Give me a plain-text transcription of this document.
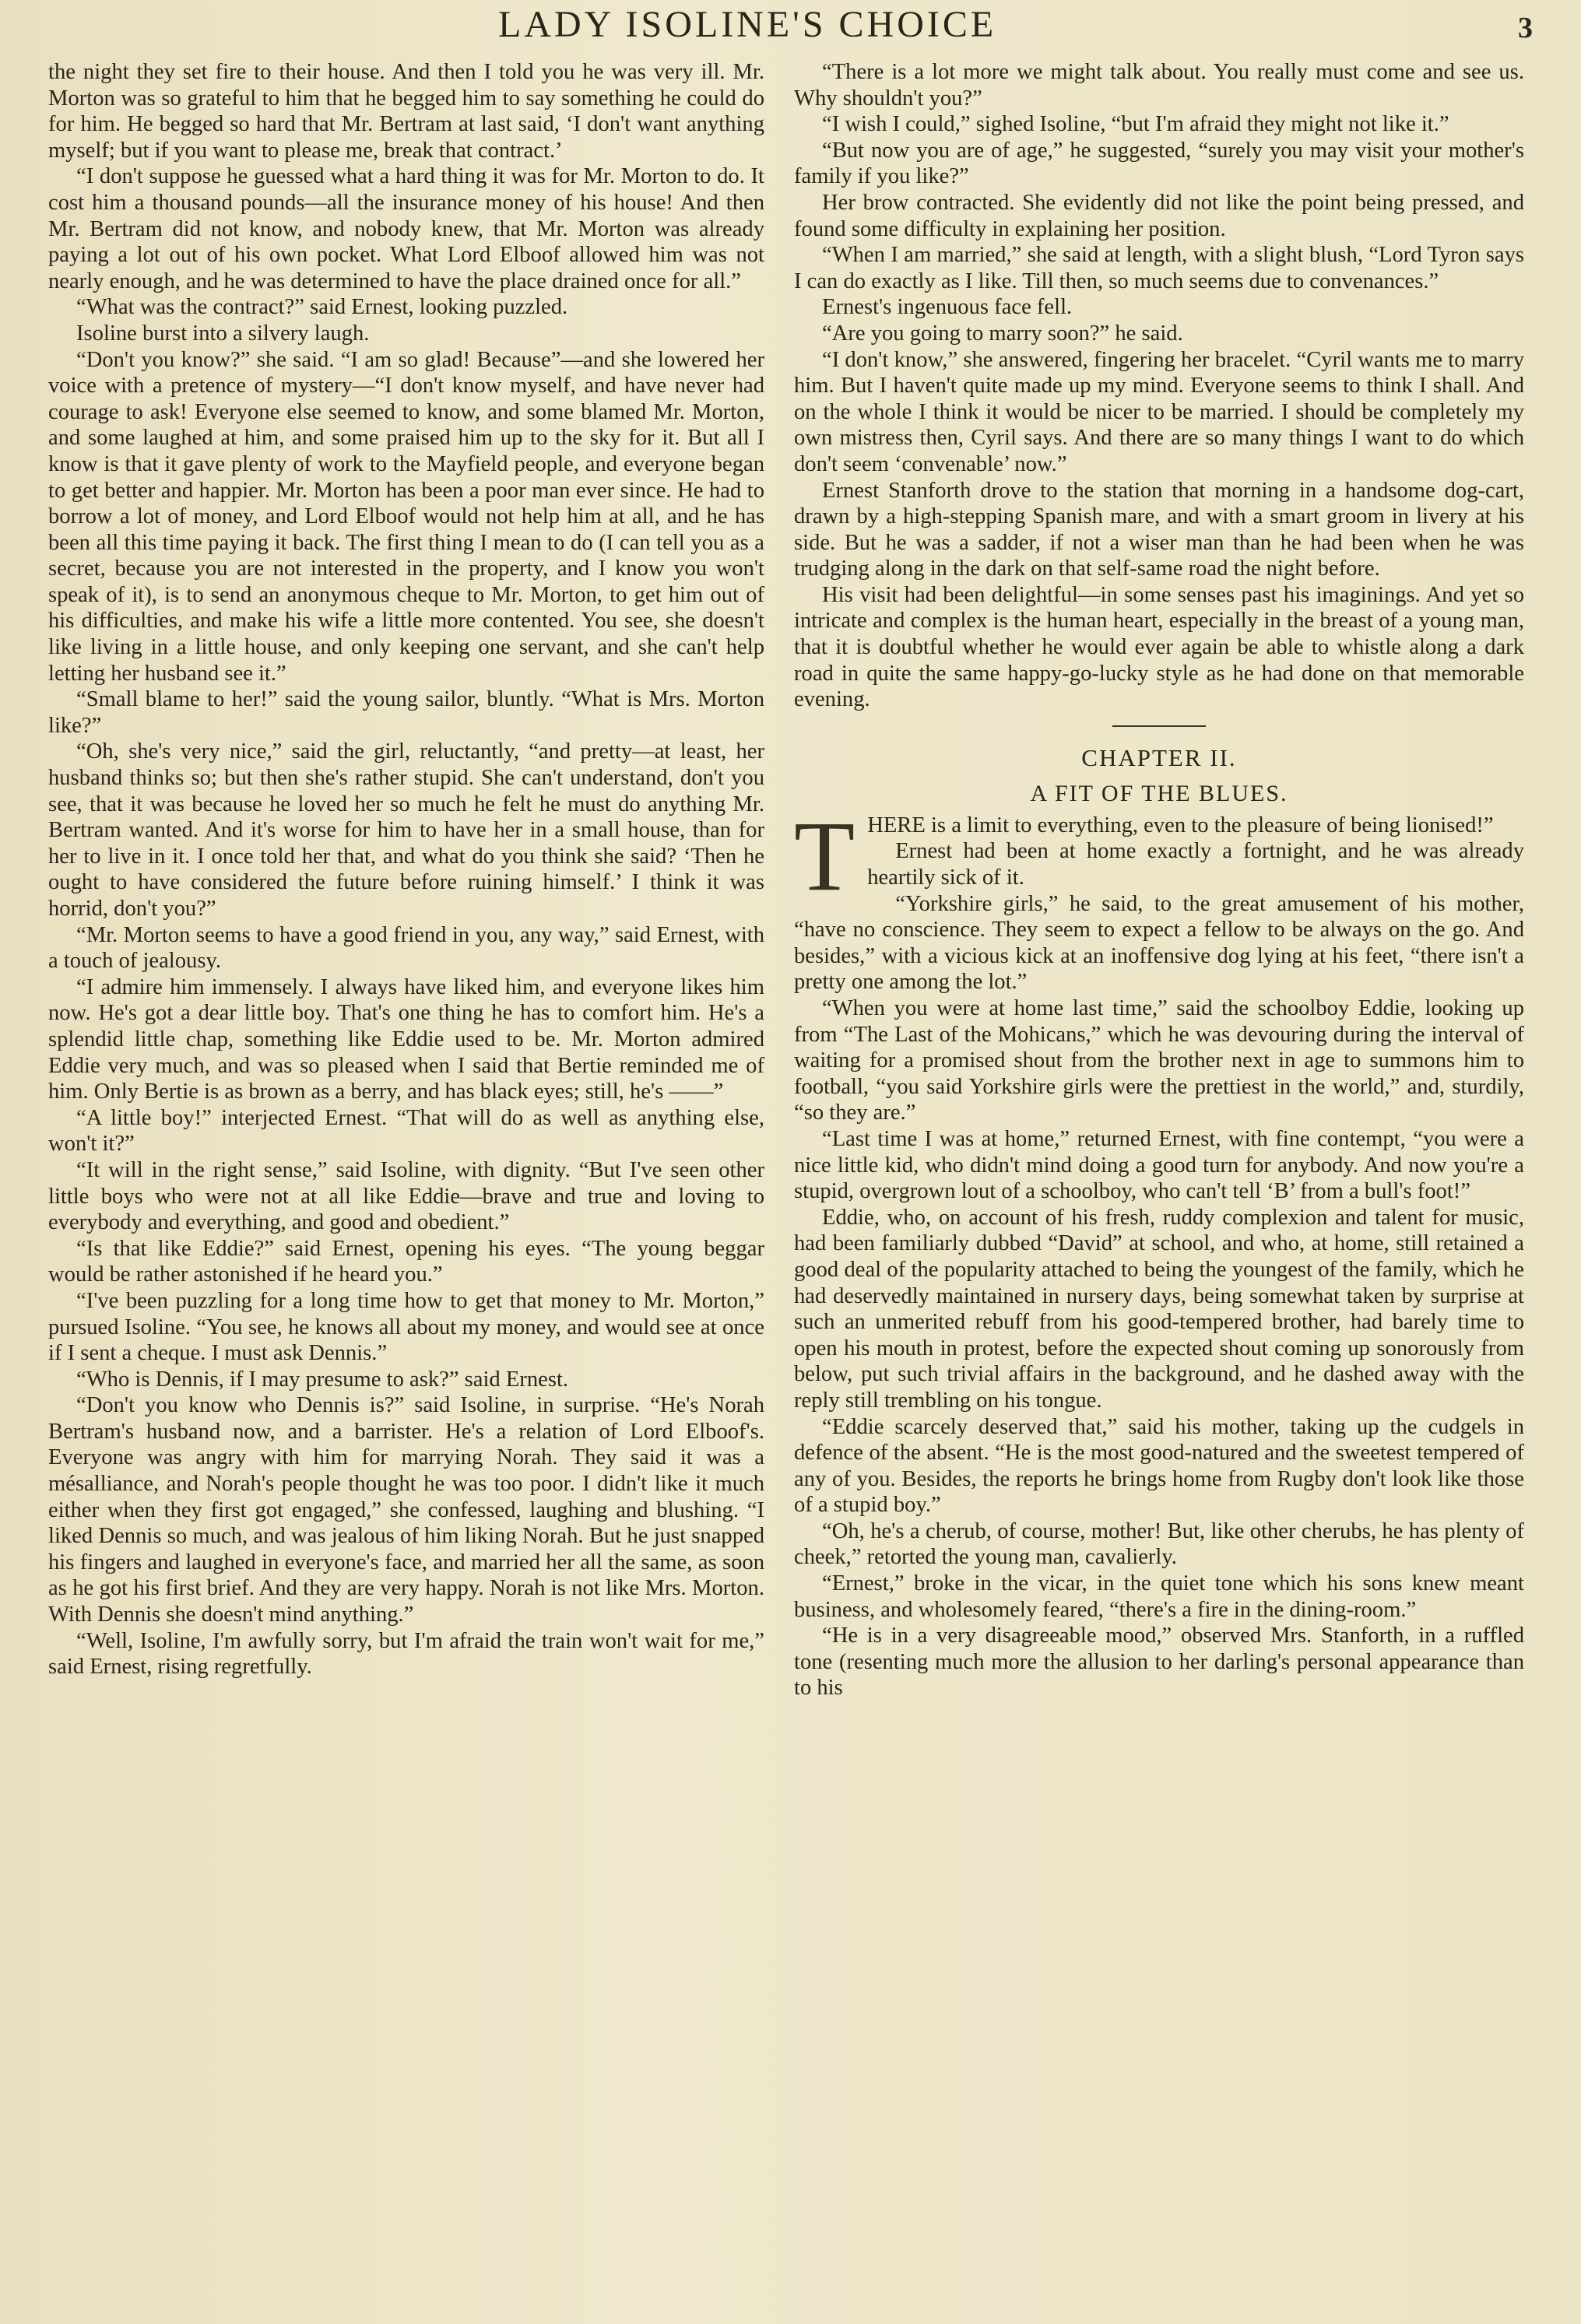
LADY ISOLINE'S CHOICE	3

the night they set fire to their house. And then I told you he was very ill. Mr. Morton was so grateful to him that he begged him to say something he could do for him. He begged so hard that Mr. Bertram at last said, ‘I don't want anything myself; but if you want to please me, break that contract.’

“I don't suppose he guessed what a hard thing it was for Mr. Morton to do. It cost him a thousand pounds—all the insurance money of his house! And then Mr. Bertram did not know, and nobody knew, that Mr. Morton was already paying a lot out of his own pocket. What Lord Elboof allowed him was not nearly enough, and he was determined to have the place drained once for all.”

“What was the contract?” said Ernest, looking puzzled.

Isoline burst into a silvery laugh.

“Don't you know?” she said. “I am so glad! Because”—and she lowered her voice with a pretence of mystery—“I don't know myself, and have never had courage to ask! Everyone else seemed to know, and some blamed Mr. Morton, and some laughed at him, and some praised him up to the sky for it. But all I know is that it gave plenty of work to the Mayfield people, and everyone began to get better and happier. Mr. Morton has been a poor man ever since. He had to borrow a lot of money, and Lord Elboof would not help him at all, and he has been all this time paying it back. The first thing I mean to do (I can tell you as a secret, because you are not interested in the property, and I know you won't speak of it), is to send an anonymous cheque to Mr. Morton, to get him out of his difficulties, and make his wife a little more contented. You see, she doesn't like living in a little house, and only keeping one servant, and she can't help letting her husband see it.”

“Small blame to her!” said the young sailor, bluntly. “What is Mrs. Morton like?”

“Oh, she's very nice,” said the girl, reluctantly, “and pretty—at least, her husband thinks so; but then she's rather stupid. She can't understand, don't you see, that it was because he loved her so much he felt he must do anything Mr. Bertram wanted. And it's worse for him to have her in a small house, than for her to live in it. I once told her that, and what do you think she said? ‘Then he ought to have considered the future before ruining himself.’ I think it was horrid, don't you?”

“Mr. Morton seems to have a good friend in you, any way,” said Ernest, with a touch of jealousy.

“I admire him immensely. I always have liked him, and everyone likes him now. He's got a dear little boy. That's one thing he has to comfort him. He's a splendid little chap, something like Eddie used to be. Mr. Morton admired Eddie very much, and was so pleased when I said that Bertie reminded me of him. Only Bertie is as brown as a berry, and has black eyes; still, he's ——”

“A little boy!” interjected Ernest. “That will do as well as anything else, won't it?”

“It will in the right sense,” said Isoline, with dignity. “But I've seen other little boys who were not at all like Eddie—brave and true and loving to everybody and everything, and good and obedient.”

“Is that like Eddie?” said Ernest, opening his eyes. “The young beggar would be rather astonished if he heard you.”

“I've been puzzling for a long time how to get that money to Mr. Morton,” pursued Isoline. “You see, he knows all about my money, and would see at once if I sent a cheque. I must ask Dennis.”

“Who is Dennis, if I may presume to ask?” said Ernest.

“Don't you know who Dennis is?” said Isoline, in surprise. “He's Norah Bertram's husband now, and a barrister. He's a relation of Lord Elboof's. Everyone was angry with him for marrying Norah. They said it was a mésalliance, and Norah's people thought he was too poor. I didn't like it much either when they first got engaged,” she confessed, laughing and blushing. “I liked Dennis so much, and was jealous of him liking Norah. But he just snapped his fingers and laughed in everyone's face, and married her all the same, as soon as he got his first brief. And they are very happy. Norah is not like Mrs. Morton. With Dennis she doesn't mind anything.”

“Well, Isoline, I'm awfully sorry, but I'm afraid the train won't wait for me,” said Ernest, rising regretfully.

“There is a lot more we might talk about. You really must come and see us. Why shouldn't you?”

“I wish I could,” sighed Isoline, “but I'm afraid they might not like it.”

“But now you are of age,” he suggested, “surely you may visit your mother's family if you like?”

Her brow contracted. She evidently did not like the point being pressed, and found some difficulty in explaining her position.

“When I am married,” she said at length, with a slight blush, “Lord Tyron says I can do exactly as I like. Till then, so much seems due to convenances.”

Ernest's ingenuous face fell.

“Are you going to marry soon?” he said.

“I don't know,” she answered, fingering her bracelet. “Cyril wants me to marry him. But I haven't quite made up my mind. Everyone seems to think I shall. And on the whole I think it would be nicer to be married. I should be completely my own mistress then, Cyril says. And there are so many things I want to do which don't seem ‘convenable’ now.”

Ernest Stanforth drove to the station that morning in a handsome dog-cart, drawn by a high-stepping Spanish mare, and with a smart groom in livery at his side. But he was a sadder, if not a wiser man than he had been when he was trudging along in the dark on that self-same road the night before.

His visit had been delightful—in some senses past his imaginings. And yet so intricate and complex is the human heart, especially in the breast of a young man, that it is doubtful whether he would ever again be able to whistle along a dark road in quite the same happy-go-lucky style as he had done on that memorable evening.

CHAPTER II.
A FIT OF THE BLUES.
T HERE is a limit to everything, even to the pleasure of being lionised!”

Ernest had been at home exactly a fortnight, and he was already heartily sick of it.

“Yorkshire girls,” he said, to the great amusement of his mother, “have no conscience. They seem to expect a fellow to be always on the go. And besides,” with a vicious kick at an inoffensive dog lying at his feet, “there isn't a pretty one among the lot.”

“When you were at home last time,” said the schoolboy Eddie, looking up from “The Last of the Mohicans,” which he was devouring during the interval of waiting for a promised shout from the brother next in age to summons him to football, “you said Yorkshire girls were the prettiest in the world,” and, sturdily, “so they are.”

“Last time I was at home,” returned Ernest, with fine contempt, “you were a nice little kid, who didn't mind doing a good turn for anybody. And now you're a stupid, overgrown lout of a schoolboy, who can't tell ‘B’ from a bull's foot!”

Eddie, who, on account of his fresh, ruddy complexion and talent for music, had been familiarly dubbed “David” at school, and who, at home, still retained a good deal of the popularity attached to being the youngest of the family, which he had deservedly maintained in nursery days, being somewhat taken by surprise at such an unmerited rebuff from his good-tempered brother, had barely time to open his mouth in protest, before the expected shout coming up sonorously from below, put such trivial affairs in the background, and he dashed away with the reply still trembling on his tongue.

“Eddie scarcely deserved that,” said his mother, taking up the cudgels in defence of the absent. “He is the most good-natured and the sweetest tempered of any of you. Besides, the reports he brings home from Rugby don't look like those of a stupid boy.”

“Oh, he's a cherub, of course, mother! But, like other cherubs, he has plenty of cheek,” retorted the young man, cavalierly.

“Ernest,” broke in the vicar, in the quiet tone which his sons knew meant business, and wholesomely feared, “there's a fire in the dining-room.”

“He is in a very disagreeable mood,” observed Mrs. Stanforth, in a ruffled tone (resenting much more the allusion to her darling's personal appearance than to his
